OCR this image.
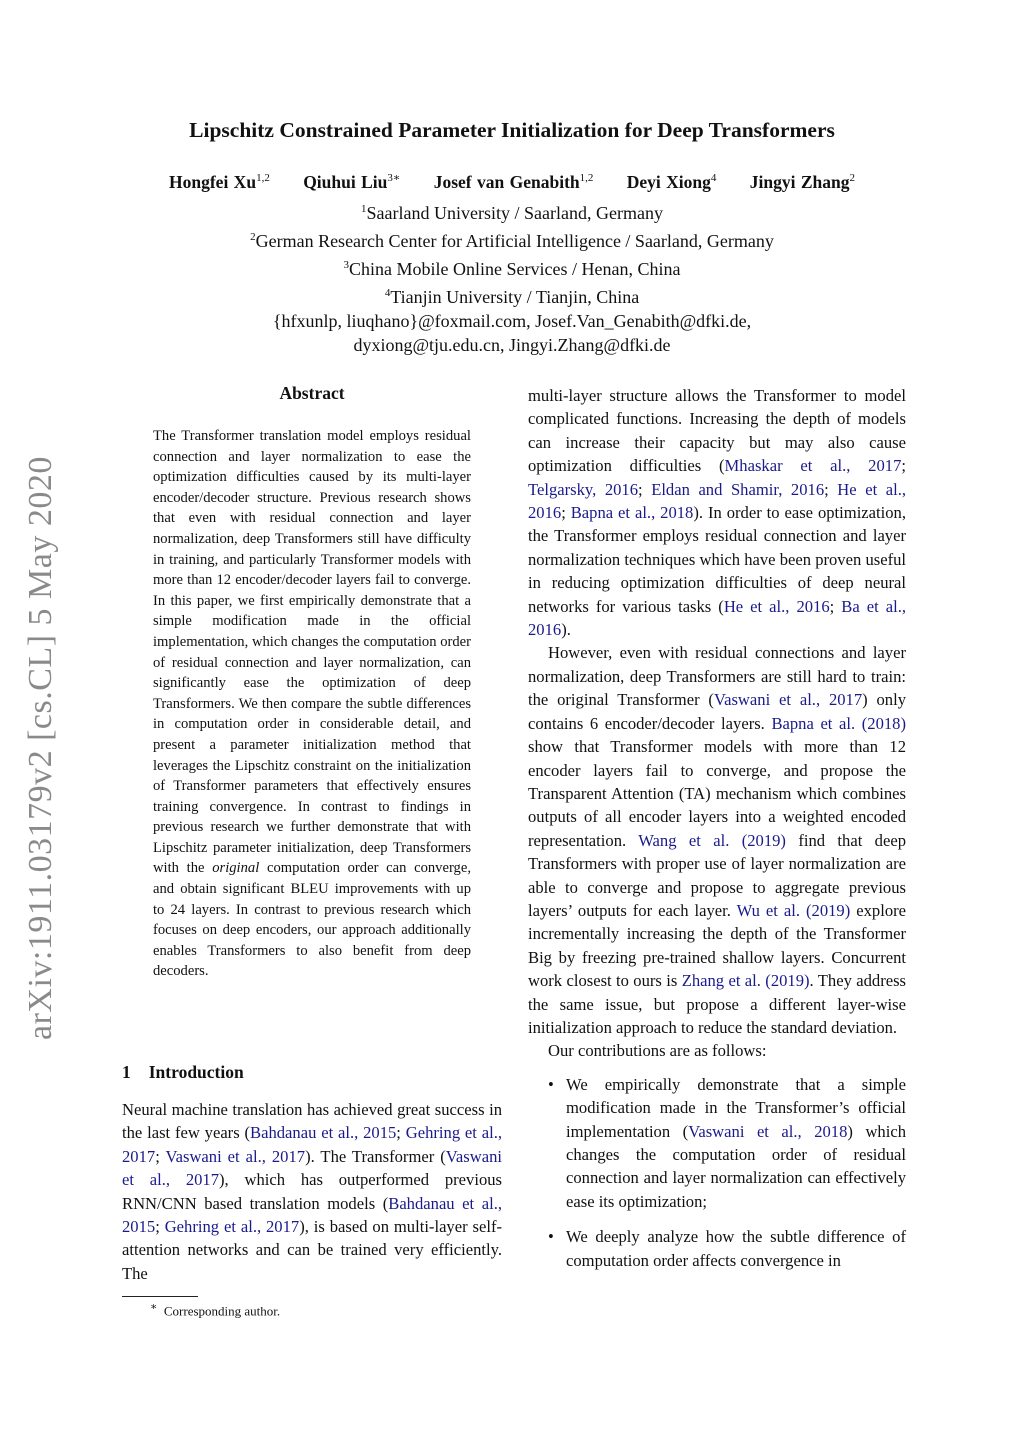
Lipschitz Constrained Parameter Initialization for Deep Transformers
Hongfei Xu$^{1,2}$ Qiuhui Liu$^{3∗}$ Josef van Genabith$^{1,2}$ Deyi Xiong$^4$ Jingyi Zhang$^2$
$^1$Saarland University / Saarland, Germany
$^2$German Research Center for Artificial Intelligence / Saarland, Germany
$^3$China Mobile Online Services / Henan, China
$^4$Tianjin University / Tianjin, China
{hfxunlp, liuqhano}@foxmail.com, Josef.Van_Genabith@dfki.de,
dyxiong@tju.edu.cn, Jingyi.Zhang@dfki.de
arXiv:1911.03179v2 [cs.CL] 5 May 2020
Abstract

The Transformer translation model employs residual connection and layer normalization to ease the optimization difficulties caused by its multi-layer encoder/decoder structure. Previous research shows that even with residual connection and layer normalization, deep Transformers still have difficulty in training, and particularly Transformer models with more than 12 encoder/decoder layers fail to converge. In this paper, we first empirically demonstrate that a simple modification made in the official implementation, which changes the computation order of residual connection and layer normalization, can significantly ease the optimization of deep Transformers. We then compare the subtle differences in computation order in considerable detail, and present a parameter initialization method that leverages the Lipschitz constraint on the initialization of Transformer parameters that effectively ensures training convergence. In contrast to findings in previous research we further demonstrate that with Lipschitz parameter initialization, deep Transformers with the original computation order can converge, and obtain significant BLEU improvements with up to 24 layers. In contrast to previous research which focuses on deep encoders, our approach additionally enables Transformers to also benefit from deep decoders.

1 Introduction

Neural machine translation has achieved great success in the last few years (Bahdanau et al., 2015; Gehring et al., 2017; Vaswani et al., 2017). The Transformer (Vaswani et al., 2017), which has outperformed previous RNN/CNN based translation models (Bahdanau et al., 2015; Gehring et al., 2017), is based on multi-layer self-attention networks and can be trained very efficiently. The

∗ Corresponding author.

multi-layer structure allows the Transformer to model complicated functions. Increasing the depth of models can increase their capacity but may also cause optimization difficulties (Mhaskar et al., 2017; Telgarsky, 2016; Eldan and Shamir, 2016; He et al., 2016; Bapna et al., 2018). In order to ease optimization, the Transformer employs residual connection and layer normalization techniques which have been proven useful in reducing optimization difficulties of deep neural networks for various tasks (He et al., 2016; Ba et al., 2016).

However, even with residual connections and layer normalization, deep Transformers are still hard to train: the original Transformer (Vaswani et al., 2017) only contains 6 encoder/decoder layers. Bapna et al. (2018) show that Transformer models with more than 12 encoder layers fail to converge, and propose the Transparent Attention (TA) mechanism which combines outputs of all encoder layers into a weighted encoded representation. Wang et al. (2019) find that deep Transformers with proper use of layer normalization are able to converge and propose to aggregate previous layers’ outputs for each layer. Wu et al. (2019) explore incrementally increasing the depth of the Transformer Big by freezing pre-trained shallow layers. Concurrent work closest to ours is Zhang et al. (2019). They address the same issue, but propose a different layer-wise initialization approach to reduce the standard deviation.

Our contributions are as follows:

• We empirically demonstrate that a simple modification made in the Transformer’s official implementation (Vaswani et al., 2018) which changes the computation order of residual connection and layer normalization can effectively ease its optimization;
• We deeply analyze how the subtle difference of computation order affects convergence in
